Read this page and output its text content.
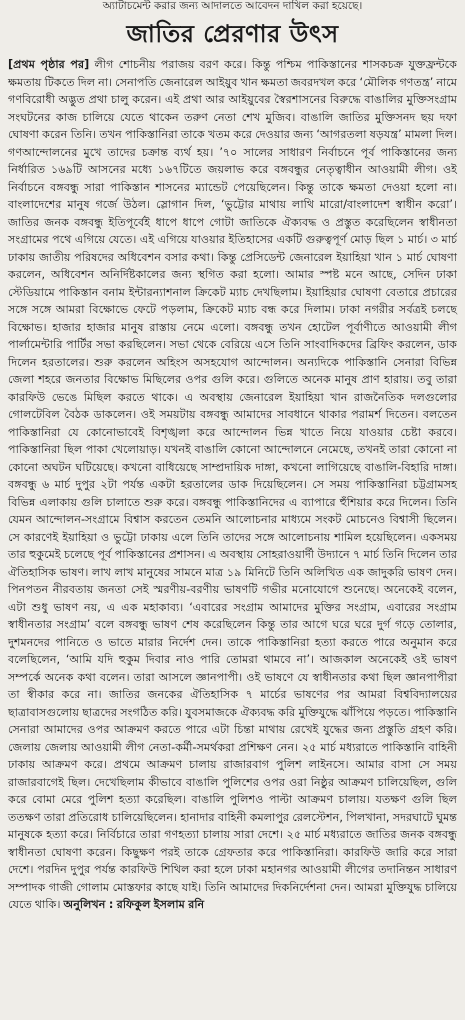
অ্যাটাচমেন্ট করার জন্য আদালতে আবেদন দাখিল করা হয়েছে।

জাতির প্রেরণার উৎস

[প্রথম পৃষ্ঠার পর] লীগ শোচনীয় পরাজয় বরণ করে। কিন্তু পশ্চিম পাকিস্তানের শাসকচক্র যুক্তফ্রন্টকে ক্ষমতায় টিকতে দিল না। সেনাপতি জেনারেল আইয়ুব খান ক্ষমতা জবরদখল করে ‘মৌলিক গণতন্ত্র’ নামে গণবিরোধী অদ্ভুত প্রথা চালু করেন। এই প্রথা আর আইয়ুবের স্বৈরশাসনের বিরুদ্ধে বাঙালির মুক্তিসংগ্রাম সংঘটনের কাজ চালিয়ে যেতে থাকেন তরুণ নেতা শেখ মুজিব। বাঙালি জাতির মুক্তিসনদ ছয় দফা ঘোষণা করেন তিনি। তখন পাকিস্তানিরা তাকে খতম করে দেওয়ার জন্য ‘আগরতলা ষড়যন্ত্র’ মামলা দিল। গণআন্দোলনের মুখে তাদের চক্রান্ত ব্যর্থ হয়। ’৭০ সালের সাধারণ নির্বাচনে পূর্ব পাকিস্তানের জন্য নির্ধারিত ১৬৯টি আসনের মধ্যে ১৬৭টিতে জয়লাভ করে বঙ্গবন্ধুর নেতৃত্বাধীন আওয়ামী লীগ। ওই নির্বাচনে বঙ্গবন্ধু সারা পাকিস্তান শাসনের ম্যান্ডেট পেয়েছিলেন। কিন্তু তাকে ক্ষমতা দেওয়া হলো না। বাংলাদেশের মানুষ গর্জে উঠল। স্লোগান দিল, ‘ভুট্টোর মাথায় লাথি মারো/বাংলাদেশ স্বাধীন করো’। জাতির জনক বঙ্গবন্ধু ইতিপূর্বেই ধাপে ধাপে গোটা জাতিকে ঐক্যবদ্ধ ও প্রস্তুত করেছিলেন স্বাধীনতা সংগ্রামের পথে এগিয়ে যেতে। এই এগিয়ে যাওয়ার ইতিহাসের একটি গুরুত্বপূর্ণ মোড় ছিল ১ মার্চ। ৩ মার্চ ঢাকায় জাতীয় পরিষদের অধিবেশন বসার কথা। কিন্তু প্রেসিডেন্ট জেনারেল ইয়াহিয়া খান ১ মার্চ ঘোষণা করলেন, অধিবেশন অনির্দিষ্টকালের জন্য স্থগিত করা হলো। আমার স্পষ্ট মনে আছে, সেদিন ঢাকা স্টেডিয়ামে পাকিস্তান বনাম ইন্টারন্যাশনাল ক্রিকেট ম্যাচ দেখছিলাম। ইয়াহিয়ার ঘোষণা বেতারে প্রচারের সঙ্গে সঙ্গে আমরা বিক্ষোভে ফেটে পড়লাম, ক্রিকেট ম্যাচ বন্ধ করে দিলাম। ঢাকা নগরীর সর্বত্রই চলছে বিক্ষোভ। হাজার হাজার মানুষ রাস্তায় নেমে এলো। বঙ্গবন্ধু তখন হোটেল পূর্বাণীতে আওয়ামী লীগ পার্লামেন্টারি পার্টির সভা করছিলেন। সভা থেকে বেরিয়ে এসে তিনি সাংবাদিকদের ব্রিফিং করলেন, ডাক দিলেন হরতালের। শুরু করলেন অহিংস অসহযোগ আন্দোলন। অন্যদিকে পাকিস্তানি সেনারা বিভিন্ন জেলা শহরে জনতার বিক্ষোভ মিছিলের ওপর গুলি করে। গুলিতে অনেক মানুষ প্রাণ হারায়। তবু তারা কারফিউ ভেঙে মিছিল করতে থাকে। এ অবস্থায় জেনারেল ইয়াহিয়া খান রাজনৈতিক দলগুলোর গোলটেবিল বৈঠক ডাকলেন। ওই সময়টায় বঙ্গবন্ধু আমাদের সাবধানে থাকার পরামর্শ দিতেন। বলতেন পাকিস্তানিরা যে কোনোভাবেই বিশৃঙ্খলা করে আন্দোলন ভিন্ন খাতে নিয়ে যাওয়ার চেষ্টা করবে। পাকিস্তানিরা ছিল পাকা খেলোয়াড়। যখনই বাঙালি কোনো আন্দোলনে নেমেছে, তখনই তারা কোনো না কোনো অঘটন ঘটিয়েছে। কখনো বাধিয়েছে সাম্প্রদায়িক দাঙ্গা, কখনো লাগিয়েছে বাঙালি-বিহারি দাঙ্গা। বঙ্গবন্ধু ৬ মার্চ দুপুর ২টা পর্যন্ত একটা হরতালের ডাক দিয়েছিলেন। সে সময় পাকিস্তানিরা চট্টগ্রামসহ বিভিন্ন এলাকায় গুলি চালাতে শুরু করে। বঙ্গবন্ধু পাকিস্তানিদের এ ব্যাপারে হুঁশিয়ার করে দিলেন। তিনি যেমন আন্দোলন-সংগ্রামে বিশ্বাস করতেন তেমনি আলোচনার মাধ্যমে সংকট মোচনেও বিশ্বাসী ছিলেন। সে কারণেই ইয়াহিয়া ও ভুট্টো ঢাকায় এলে তিনি তাদের সঙ্গে আলোচনায় শামিল হয়েছিলেন। একসময় তার হুকুমেই চলেছে পূর্ব পাকিস্তানের প্রশাসন। এ অবস্থায় সোহরাওয়ার্দী উদ্যানে ৭ মার্চ তিনি দিলেন তার ঐতিহাসিক ভাষণ। লাখ লাখ মানুষের সামনে মাত্র ১৯ মিনিটে তিনি অলিখিত এক জাদুকরি ভাষণ দেন। পিনপতন নীরবতায় জনতা সেই স্মরণীয়-বরণীয় ভাষণটি গভীর মনোযোগে শুনেছে। অনেকেই বলেন, এটা শুধু ভাষণ নয়, এ এক মহাকাব্য। ‘এবারের সংগ্রাম আমাদের মুক্তির সংগ্রাম, এবারের সংগ্রাম স্বাধীনতার সংগ্রাম’ বলে বঙ্গবন্ধু ভাষণ শেষ করেছিলেন কিন্তু তার আগে ঘরে ঘরে দুর্গ গড়ে তোলার, দুশমনদের পানিতে ও ভাতে মারার নির্দেশ দেন। তাকে পাকিস্তানিরা হত্যা করতে পারে অনুমান করে বলেছিলেন, ‘আমি যদি হুকুম দিবার নাও পারি তোমরা থামবে না’। আজকাল অনেকেই ওই ভাষণ সম্পর্কে অনেক কথা বলেন। তারা আসলে জ্ঞানপাপী। ওই ভাষণে যে স্বাধীনতার কথা ছিল জ্ঞানপাপীরা তা স্বীকার করে না। জাতির জনকের ঐতিহাসিক ৭ মার্চের ভাষণের পর আমরা বিশ্ববিদ্যালয়ের ছাত্রাবাসগুলোয় ছাত্রদের সংগঠিত করি। যুবসমাজকে ঐক্যবদ্ধ করি মুক্তিযুদ্ধে ঝাঁপিয়ে পড়তে। পাকিস্তানি সেনারা আমাদের ওপর আক্রমণ করতে পারে এটা চিন্তা মাথায় রেখেই যুদ্ধের জন্য প্রস্তুতি গ্রহণ করি। জেলায় জেলায় আওয়ামী লীগ নেতা-কর্মী-সমর্থকরা প্রশিক্ষণ নেন। ২৫ মার্চ মধ্যরাতে পাকিস্তানি বাহিনী ঢাকায় আক্রমণ করে। প্রথমে আক্রমণ চালায় রাজারবাগ পুলিশ লাইনসে। আমার বাসা সে সময় রাজারবাগেই ছিল। দেখেছিলাম কীভাবে বাঙালি পুলিশের ওপর ওরা নিষ্ঠুর আক্রমণ চালিয়েছিল, গুলি করে বোমা মেরে পুলিশ হত্যা করেছিল। বাঙালি পুলিশও পাল্টা আক্রমণ চালায়। যতক্ষণ গুলি ছিল ততক্ষণ তারা প্রতিরোধ চালিয়েছিলেন। হানাদার বাহিনী কমলাপুর রেলস্টেশন, পিলখানা, সদরঘাটে ঘুমন্ত মানুষকে হত্যা করে। নির্বিচারে তারা গণহত্যা চালায় সারা দেশে। ২৫ মার্চ মধ্যরাতে জাতির জনক বঙ্গবন্ধু স্বাধীনতা ঘোষণা করেন। কিছুক্ষণ পরই তাকে গ্রেফতার করে পাকিস্তানিরা। কারফিউ জারি করে সারা দেশে। পরদিন দুপুর পর্যন্ত কারফিউ শিথিল করা হলে ঢাকা মহানগর আওয়ামী লীগের তদানিন্তন সাধারণ সম্পাদক গাজী গোলাম মোস্তফার কাছে যাই। তিনি আমাদের দিকনির্দেশনা দেন। আমরা মুক্তিযুদ্ধ চালিয়ে যেতে থাকি। অনুলিখন : রফিকুল ইসলাম রনি
